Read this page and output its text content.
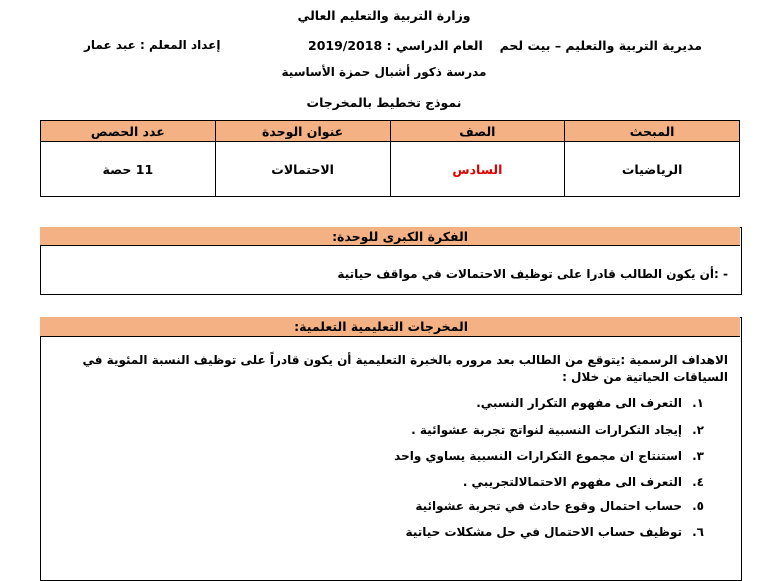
وزارة التربية والتعليم العالي
مديرية التربية والتعليم – بيت لحم
العام الدراسي : 2019/2018
إعداد المعلم : عبد عمار
مدرسة ذكور أشبال حمزة الأساسية
نموذج تخطيط بالمخرجات
المبحث	الصف	عنوان الوحدة	عدد الحصص
الرياضيات	السادس	الاحتمالات	11 حصة
الفكرة الكبرى للوحدة:
- :أن يكون الطالب قادرا على توظيف الاحتمالات في مواقف حياتية
المخرجات التعليمية التعلمية:
الاهداف الرسمية :يتوقع من الطالب بعد مروره بالخبرة التعليمية أن يكون قادراً على توظيف النسبة المئوية في السياقات الحياتية من خلال :
١.
التعرف الى مفهوم التكرار النسبي.
٢.
إيجاد التكرارات النسبية لنواتج تجربة عشوائية .
٣.
استنتاج ان مجموع التكرارات النسبية يساوي واحد
٤.
التعرف الى مفهوم الاحتمالالتجريبي .
٥.
حساب احتمال وقوع حادث في تجربة عشوائية
٦.
توظيف حساب الاحتمال في حل مشكلات حياتية
